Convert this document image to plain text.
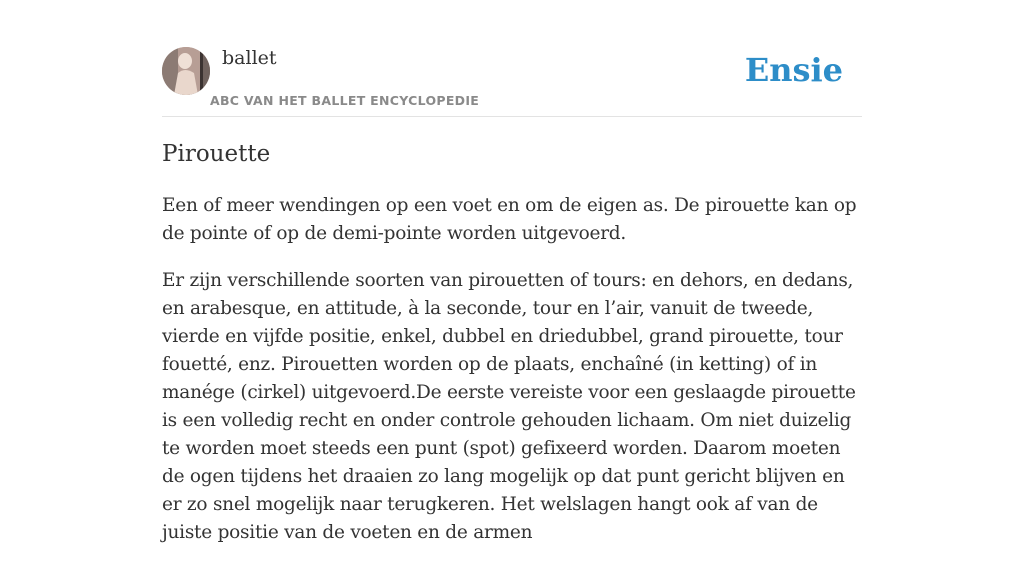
ballet
ABC VAN HET BALLET ENCYCLOPEDIE
Ensie
Pirouette

Een of meer wendingen op een voet en om de eigen as. De pirouette kan op de pointe of op de demi-pointe worden uitgevoerd.

Er zijn verschillende soorten van pirouetten of tours: en dehors, en dedans, en arabesque, en attitude, à la seconde, tour en l’air, vanuit de tweede, vierde en vijfde positie, enkel, dubbel en driedubbel, grand pirouette, tour fouetté, enz. Pirouetten worden op de plaats, enchaîné (in ketting) of in manége (cirkel) uitgevoerd.De eerste vereiste voor een geslaagde pirouette is een volledig recht en onder controle gehouden lichaam. Om niet duizelig te worden moet steeds een punt (spot) gefixeerd worden. Daarom moeten de ogen tijdens het draaien zo lang mogelijk op dat punt gericht blijven en er zo snel mogelijk naar terugkeren. Het welslagen hangt ook af van de juiste positie van de voeten en de armen
